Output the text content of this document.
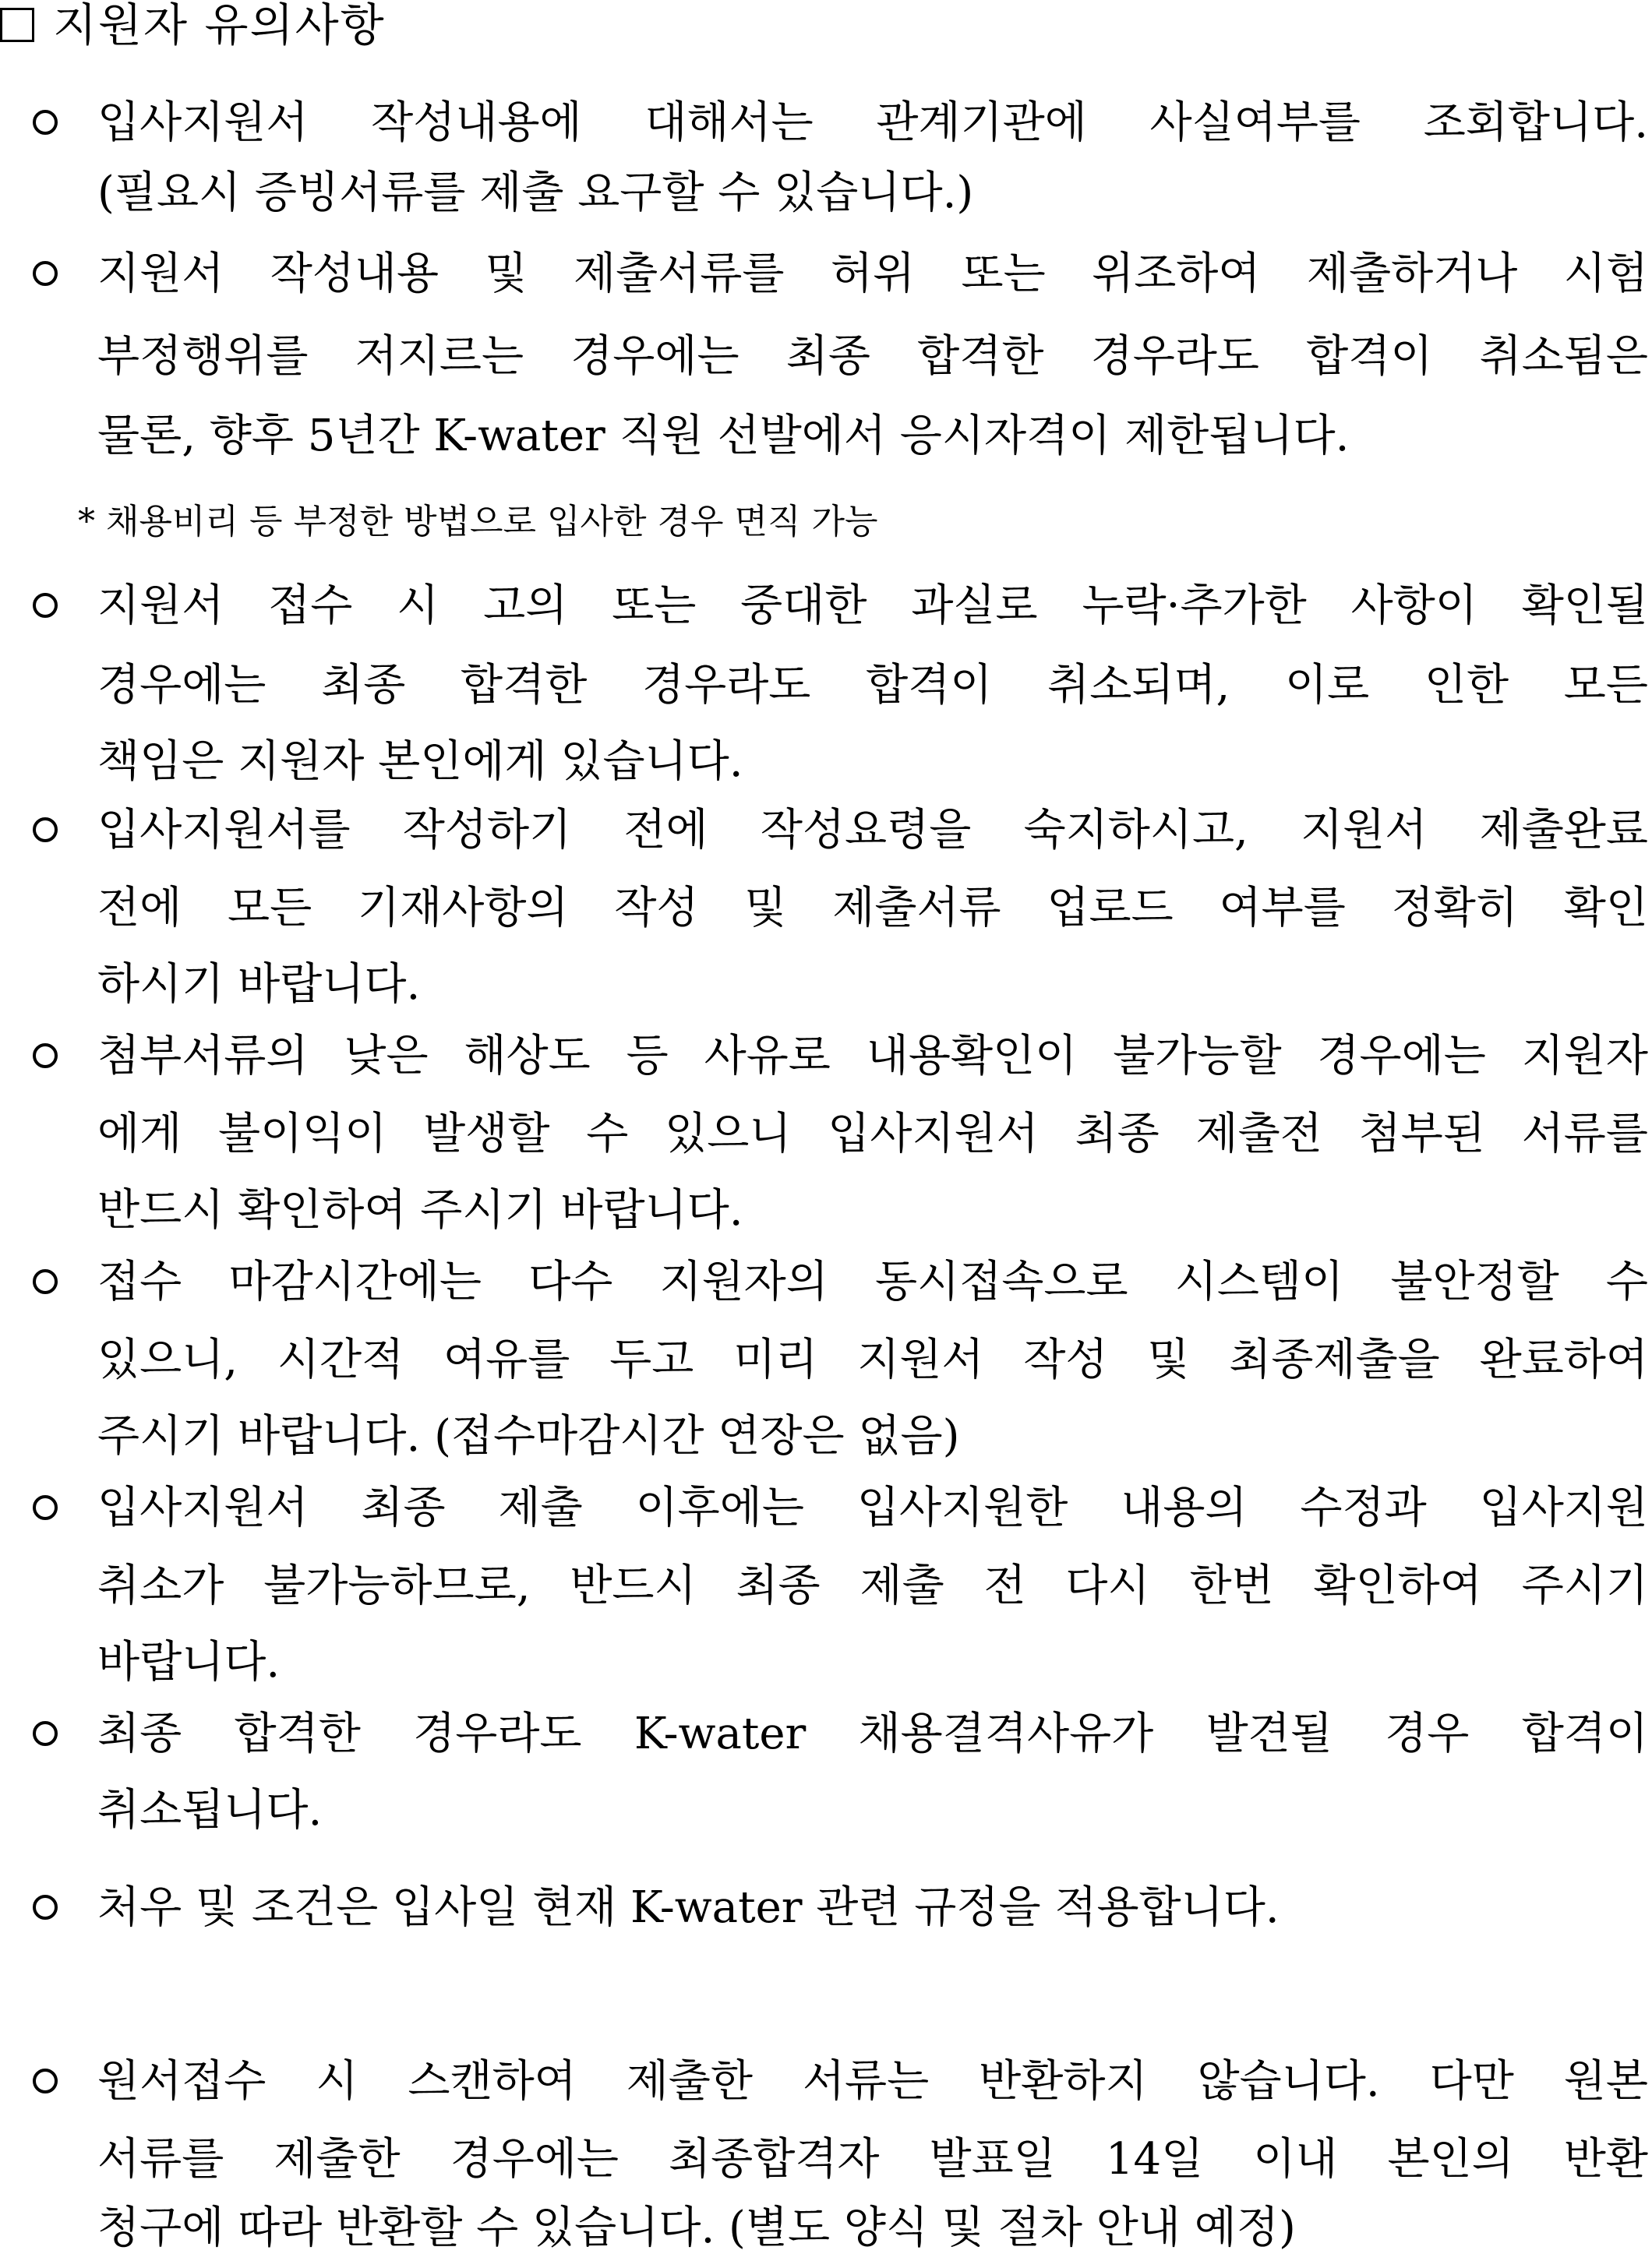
지원자 유의사항
입사지원서 작성내용에 대해서는 관계기관에 사실여부를 조회합니다.
(필요시 증빙서류를 제출 요구할 수 있습니다.)
지원서 작성내용 및 제출서류를 허위 또는 위조하여 제출하거나 시험
부정행위를 저지르는 경우에는 최종 합격한 경우라도 합격이 취소됨은
물론, 향후 5년간 K-water 직원 선발에서 응시자격이 제한됩니다.
* 채용비리 등 부정한 방법으로 입사한 경우 면직 가능
지원서 접수 시 고의 또는 중대한 과실로 누락·추가한 사항이 확인될
경우에는 최종 합격한 경우라도 합격이 취소되며, 이로 인한 모든
책임은 지원자 본인에게 있습니다.
입사지원서를 작성하기 전에 작성요령을 숙지하시고, 지원서 제출완료
전에 모든 기재사항의 작성 및 제출서류 업로드 여부를 정확히 확인
하시기 바랍니다.
첨부서류의 낮은 해상도 등 사유로 내용확인이 불가능할 경우에는 지원자
에게 불이익이 발생할 수 있으니 입사지원서 최종 제출전 첨부된 서류를
반드시 확인하여 주시기 바랍니다.
접수 마감시간에는 다수 지원자의 동시접속으로 시스템이 불안정할 수
있으니, 시간적 여유를 두고 미리 지원서 작성 및 최종제출을 완료하여
주시기 바랍니다. (접수마감시간 연장은 없음)
입사지원서 최종 제출 이후에는 입사지원한 내용의 수정과 입사지원
취소가 불가능하므로, 반드시 최종 제출 전 다시 한번 확인하여 주시기
바랍니다.
최종 합격한 경우라도 K-water 채용결격사유가 발견될 경우 합격이
취소됩니다.
처우 및 조건은 입사일 현재 K-water 관련 규정을 적용합니다.
원서접수 시 스캔하여 제출한 서류는 반환하지 않습니다. 다만 원본
서류를 제출한 경우에는 최종합격자 발표일 14일 이내 본인의 반환
청구에 따라 반환할 수 있습니다. (별도 양식 및 절차 안내 예정)
